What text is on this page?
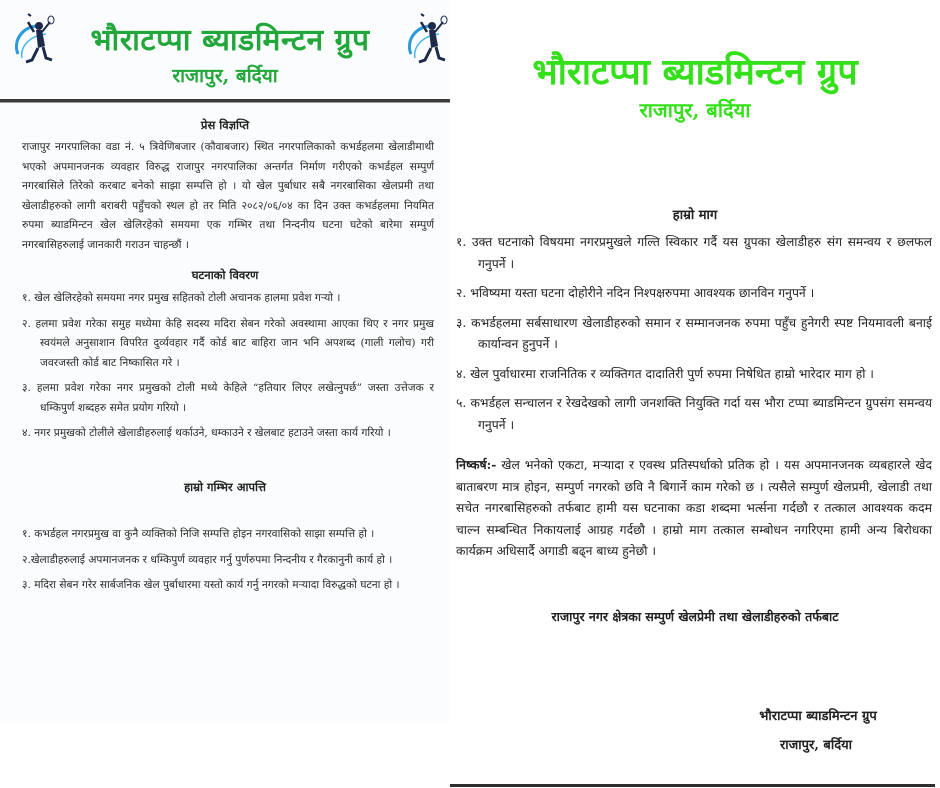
भौराटप्पा ब्याडमिन्टन ग्रुप
राजापुर, बर्दिया
प्रेस विज्ञप्ति

राजापुर नगरपालिका वडा नं. ५ त्रिवेणिबजार (कौवाबजार) स्थित नगरपालिकाको कभर्डहलमा खेलाडीमाथी भएको अपमानजनक व्यवहार विरुद्ध राजापुर नगरपालिका अन्तर्गत निर्माण गरीएको कभर्डहल सम्पुर्ण नगरबासिले तिरेको करबाट बनेको साझा सम्पत्ति हो । यो खेल पुर्बाधार सबै नगरबासिका खेलप्रमी तथा खेलाडीहरुको लागी बराबरी पहुँचको स्थल हो तर मिति २०८२/०६/०४ का दिन उक्त कभर्डहलमा नियमित रुपमा ब्याडमिन्टन खेल खेलिरहेको समयमा एक गम्भिर तथा निन्दनीय घटना घटेको बारेमा सम्पुर्ण नगरबासिहरुलाई जानकारी गराउन चाहन्छौं ।

घटनाको विवरण
१. खेल खेलिरहेको समयमा नगर प्रमुख सहितको टोली अचानक हालमा प्रवेश गऱ्यो ।
२. हलमा प्रवेश गरेका समुह मध्येमा केहि सदस्य मदिरा सेबन गरेको अवस्थामा आएका थिए र नगर प्रमुख स्वयंमले अनुसाशान विपरित दुर्व्यवहार गर्दै कोर्ड बाट बाहिरा जान भनि अपशब्द (गाली गलोच) गरी जवरजस्ती कोर्ड बाट निष्कासित गरे ।
३. हलमा प्रवेश गरेका नगर प्रमुखको टोली मध्ये केहिले “हतियार लिएर लखेत्नुपर्छ” जस्ता उत्तेजक र धम्किपुर्ण शब्दहरु समेत प्रयोग गरियो ।
४. नगर प्रमुखको टोलीले खेलाडीहरुलाई थर्काउने, धम्काउने र खेलबाट हटाउने जस्ता कार्य गरियो ।
हाम्रो गम्भिर आपत्ति
१. कभर्डहल नगरप्रमुख वा कुनै व्यक्तिको निजि सम्पत्ति होइन नगरवासिको साझा सम्पत्ति हो ।
२.खेलाडीहरुलाई अपमानजनक र धम्किपुर्ण व्यवहार गर्नु पुर्णरुपमा निन्दनीय र गैरकानुनी कार्य हो ।
३. मदिरा सेबन गरेर सार्बजनिक खेल पुर्बाधारमा यस्तो कार्य गर्नु नगरको मऱ्यादा विरुद्धको घटना हो ।
भौराटप्पा ब्याडमिन्टन ग्रुप
राजापुर, बर्दिया
हाम्रो माग
१. उक्त घटनाको विषयमा नगरप्रमुखले गल्ति स्विकार गर्दै यस ग्रुपका खेलाडीहरु संग समन्वय र छलफल गनुपर्ने ।
२. भविष्यमा यस्ता घटना दोहोरीने नदिन निश्पक्षरुपमा आवश्यक छानविन गनुपर्ने ।
३. कभर्डहलमा सर्बसाधारण खेलाडीहरुको समान र सम्मानजनक रुपमा पहुँच हुनेगरी स्पष्ट नियमावली बनाई कार्यान्वन हुनुपर्ने ।
४. खेल पुर्वाधारमा राजनितिक र व्यक्तिगत दादातिरी पुर्ण रुपमा निषेधित हाम्रो भारेदार माग हो ।
५. कभर्डहल सन्चालन र रेखदेखको लागी जनशक्ति नियुक्ति गर्दा यस भौरा टप्पा ब्याडमिन्टन ग्रुपसंग समन्वय गनुपर्ने ।

निष्कर्ष:- खेल भनेको एकटा, मऱ्यादा र एवस्थ प्रतिस्पर्धाको प्रतिक हो । यस अपमानजनक व्यबहारले खेद बाताबरण मात्र होइन, सम्पुर्ण नगरको छवि नै बिगार्ने काम गरेको छ । त्यसैले सम्पुर्ण खेलप्रमी, खेलाडी तथा सचेत नगरबासिहरुको तर्फबाट हामी यस घटनाका कडा शब्दमा भर्त्सना गर्दछौ र तत्काल आवश्यक कदम चाल्न सम्बन्धित निकायलाई आग्रह गर्दछौ । हाम्रो माग तत्काल सम्बोधन नगरिएमा हामी अन्य बिरोधका कार्यक्रम अधिसार्दै अगाडी बढ्न बाध्य हुनेछौ ।

राजापुर नगर क्षेत्रका सम्पुर्ण खेलप्रेमी तथा खेलाडीहरुको तर्फबाट
भौराटप्पा ब्याडमिन्टन ग्रुप
राजापुर, बर्दिया
